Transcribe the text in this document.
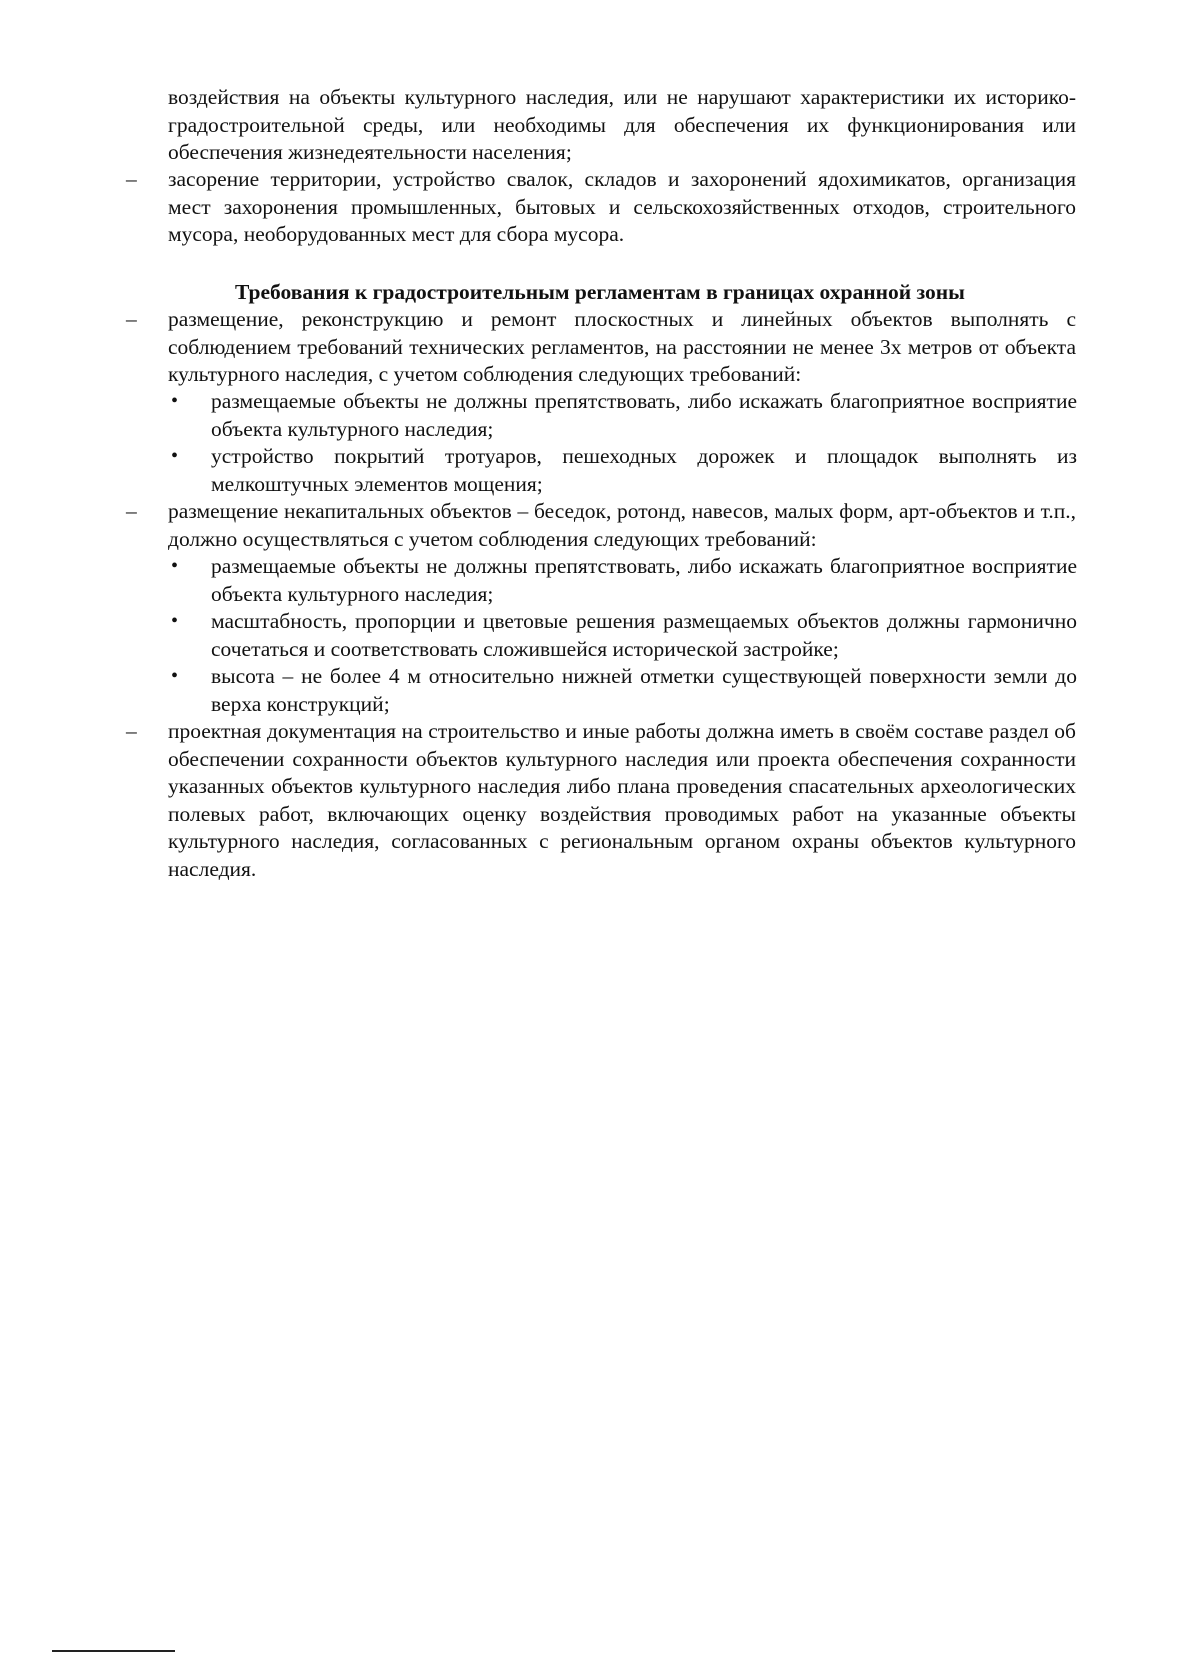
воздействия на объекты культурного наследия, или не нарушают характеристики их историко-градостроительной среды, или необходимы для обеспечения их функционирования или обеспечения жизнедеятельности населения;

– засорение территории, устройство свалок, складов и захоронений ядохимикатов, организация мест захоронения промышленных, бытовых и сельскохозяйственных отходов, строительного мусора, необорудованных мест для сбора мусора.
Требования к градостроительным регламентам в границах охранной зоны
– размещение, реконструкцию и ремонт плоскостных и линейных объектов выполнять с соблюдением требований технических регламентов, на расстоянии не менее 3х метров от объекта культурного наследия, с учетом соблюдения следующих требований:
• размещаемые объекты не должны препятствовать, либо искажать благоприятное восприятие объекта культурного наследия;
• устройство покрытий тротуаров, пешеходных дорожек и площадок выполнять из мелкоштучных элементов мощения;
– размещение некапитальных объектов – беседок, ротонд, навесов, малых форм, арт-объектов и т.п., должно осуществляться с учетом соблюдения следующих требований:
• размещаемые объекты не должны препятствовать, либо искажать благоприятное восприятие объекта культурного наследия;
• масштабность, пропорции и цветовые решения размещаемых объектов должны гармонично сочетаться и соответствовать сложившейся исторической застройке;
• высота – не более 4 м относительно нижней отметки существующей поверхности земли до верха конструкций;
– проектная документация на строительство и иные работы должна иметь в своём составе раздел об обеспечении сохранности объектов культурного наследия или проекта обеспечения сохранности указанных объектов культурного наследия либо плана проведения спасательных археологических полевых работ, включающих оценку воздействия проводимых работ на указанные объекты культурного наследия, согласованных с региональным органом охраны объектов культурного наследия.
